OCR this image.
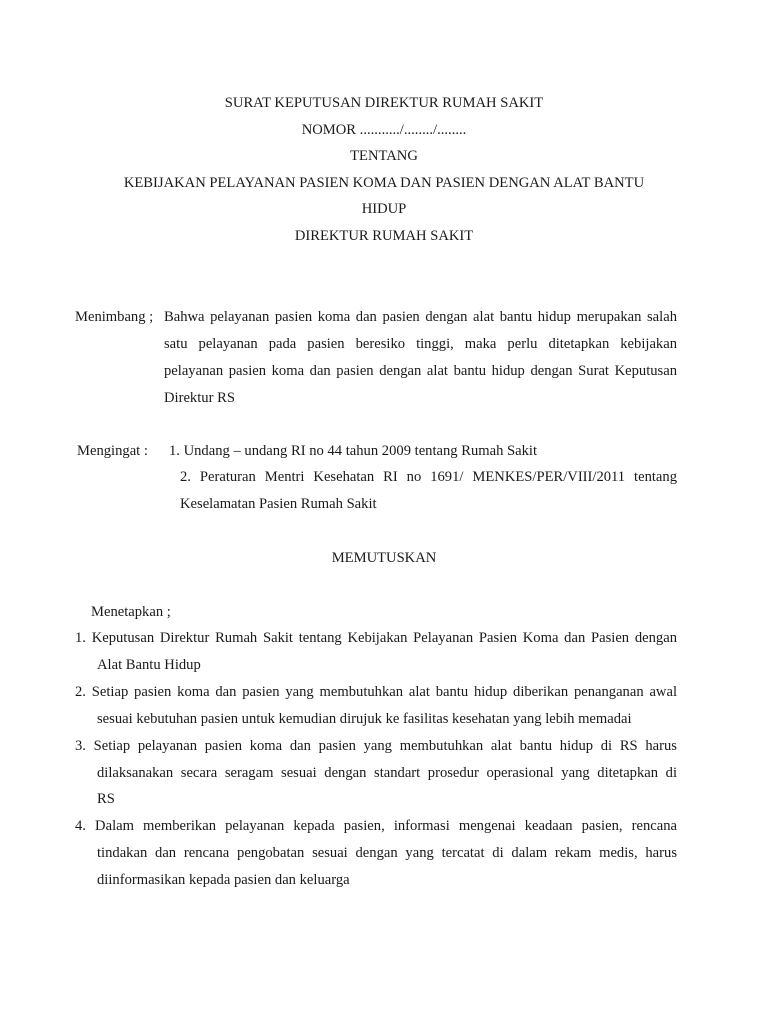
SURAT KEPUTUSAN DIREKTUR RUMAH SAKIT
NOMOR .........../......../........
TENTANG
KEBIJAKAN PELAYANAN PASIEN KOMA DAN PASIEN DENGAN ALAT BANTU
HIDUP
DIREKTUR RUMAH SAKIT
Menimbang ; Bahwa pelayanan pasien koma dan pasien dengan alat bantu hidup merupakan salah
satu pelayanan pada pasien beresiko tinggi, maka perlu ditetapkan kebijakan
pelayanan pasien koma dan pasien dengan alat bantu hidup dengan Surat Keputusan
Direktur RS
Mengingat : 1. Undang – undang RI no 44 tahun 2009 tentang Rumah Sakit
2. Peraturan Mentri Kesehatan RI no 1691/ MENKES/PER/VIII/2011 tentang
Keselamatan Pasien Rumah Sakit
MEMUTUSKAN
Menetapkan ;
1. Keputusan Direktur Rumah Sakit tentang Kebijakan Pelayanan Pasien Koma dan Pasien dengan
Alat Bantu Hidup
2. Setiap pasien koma dan pasien yang membutuhkan alat bantu hidup diberikan penanganan awal
sesuai kebutuhan pasien untuk kemudian dirujuk ke fasilitas kesehatan yang lebih memadai
3. Setiap pelayanan pasien koma dan pasien yang membutuhkan alat bantu hidup di RS harus
dilaksanakan secara seragam sesuai dengan standart prosedur operasional yang ditetapkan di
RS
4. Dalam memberikan pelayanan kepada pasien, informasi mengenai keadaan pasien, rencana
tindakan dan rencana pengobatan sesuai dengan yang tercatat di dalam rekam medis, harus
diinformasikan kepada pasien dan keluarga
